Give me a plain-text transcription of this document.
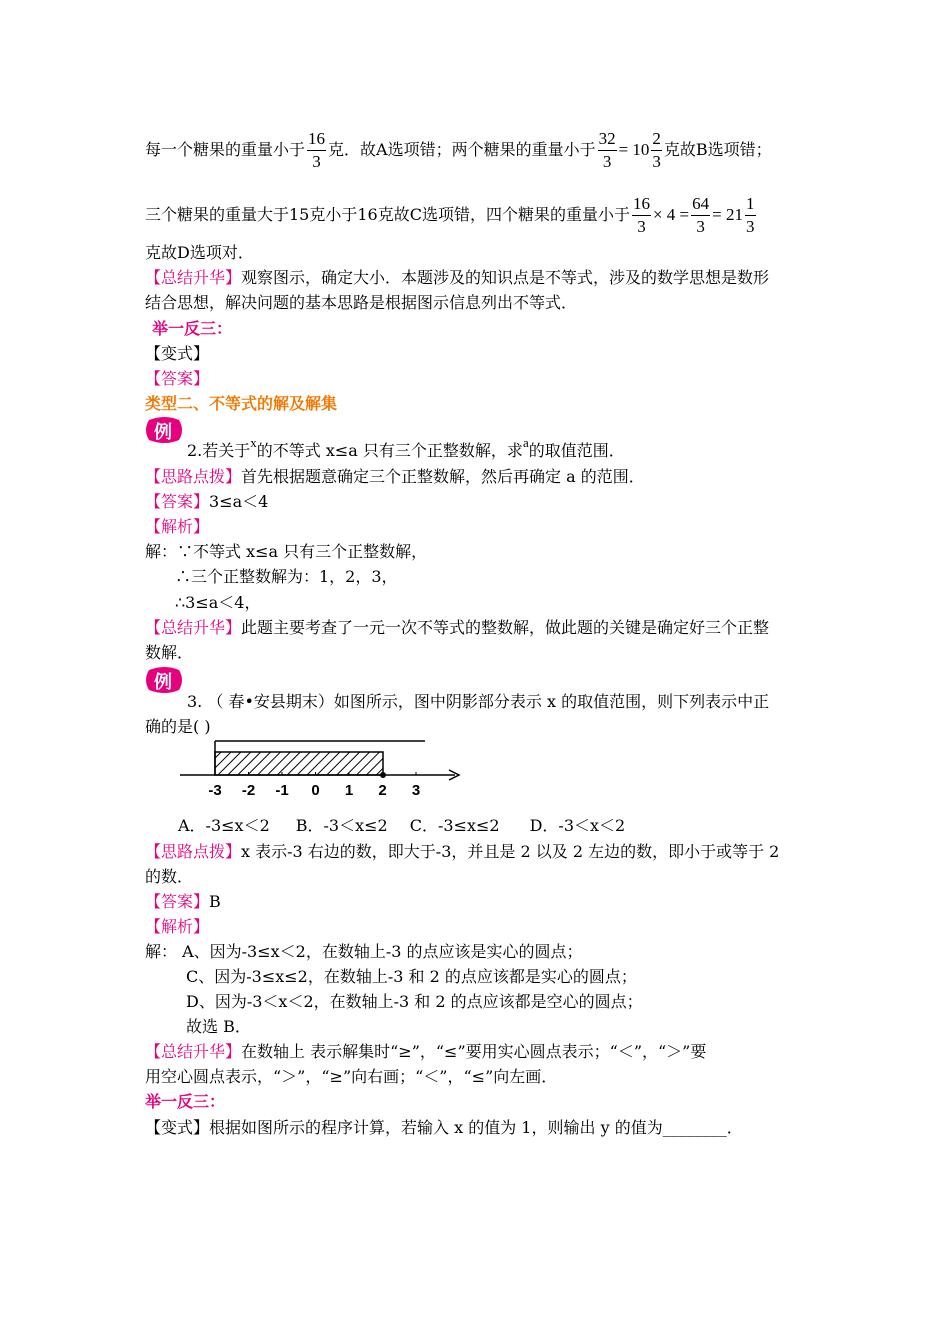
每一个糖果的重量小于 $\frac{16}{3}$ 克．故A选项错；两个糖果的重量小于 $\frac{32}{3} = 10 \frac{2}{3}$ 克故B选项错；
三个糖果的重量大于15克小于16克故C选项错，四个糖果的重量小于 $\frac{16}{3} \times 4 = \frac{64}{3} = 21 \frac{1}{3}$
克故D选项对．
【总结升华】观察图示，确定大小．本题涉及的知识点是不等式，涉及的数学思想是数形
结合思想，解决问题的基本思路是根据图示信息列出不等式．
举一反三：
【变式】
【答案】
类型二、不等式的解及解集
例
2.若关于$^x$的不等式 x≤a 只有三个正整数解，求$^a$的取值范围．
【思路点拨】首先根据题意确定三个正整数解，然后再确定 a 的范围．
【答案】3≤a＜4
【解析】
解：∵不等式 x≤a 只有三个正整数解，
∴三个正整数解为：1，2，3，
∴3≤a＜4，
【总结升华】此题主要考查了一元一次不等式的整数解，做此题的关键是确定好三个正整
数解．
例
3. （ 春•安县期末）如图所示，图中阴影部分表示 x 的取值范围，则下列表示中正
确的是( )
-3 -2 -1 0 1 2 3
A．-3≤x＜2 B．-3＜x≤2 C．-3≤x≤2 D．-3＜x＜2
【思路点拨】x 表示-3 右边的数，即大于-3，并且是 2 以及 2 左边的数，即小于或等于 2
的数．
【答案】B
【解析】
解： A、因为-3≤x＜2，在数轴上-3 的点应该是实心的圆点；
C、因为-3≤x≤2，在数轴上-3 和 2 的点应该都是实心的圆点；
D、因为-3＜x＜2，在数轴上-3 和 2 的点应该都是空心的圆点；
故选 B．
【总结升华】在数轴上 表示解集时“≥”，“≤”要用实心圆点表示；“＜”，“＞”要
用空心圆点表示，“＞”，“≥”向右画；“＜”，“≤”向左画．
举一反三：
【变式】根据如图所示的程序计算，若输入 x 的值为 1，则输出 y 的值为________．
